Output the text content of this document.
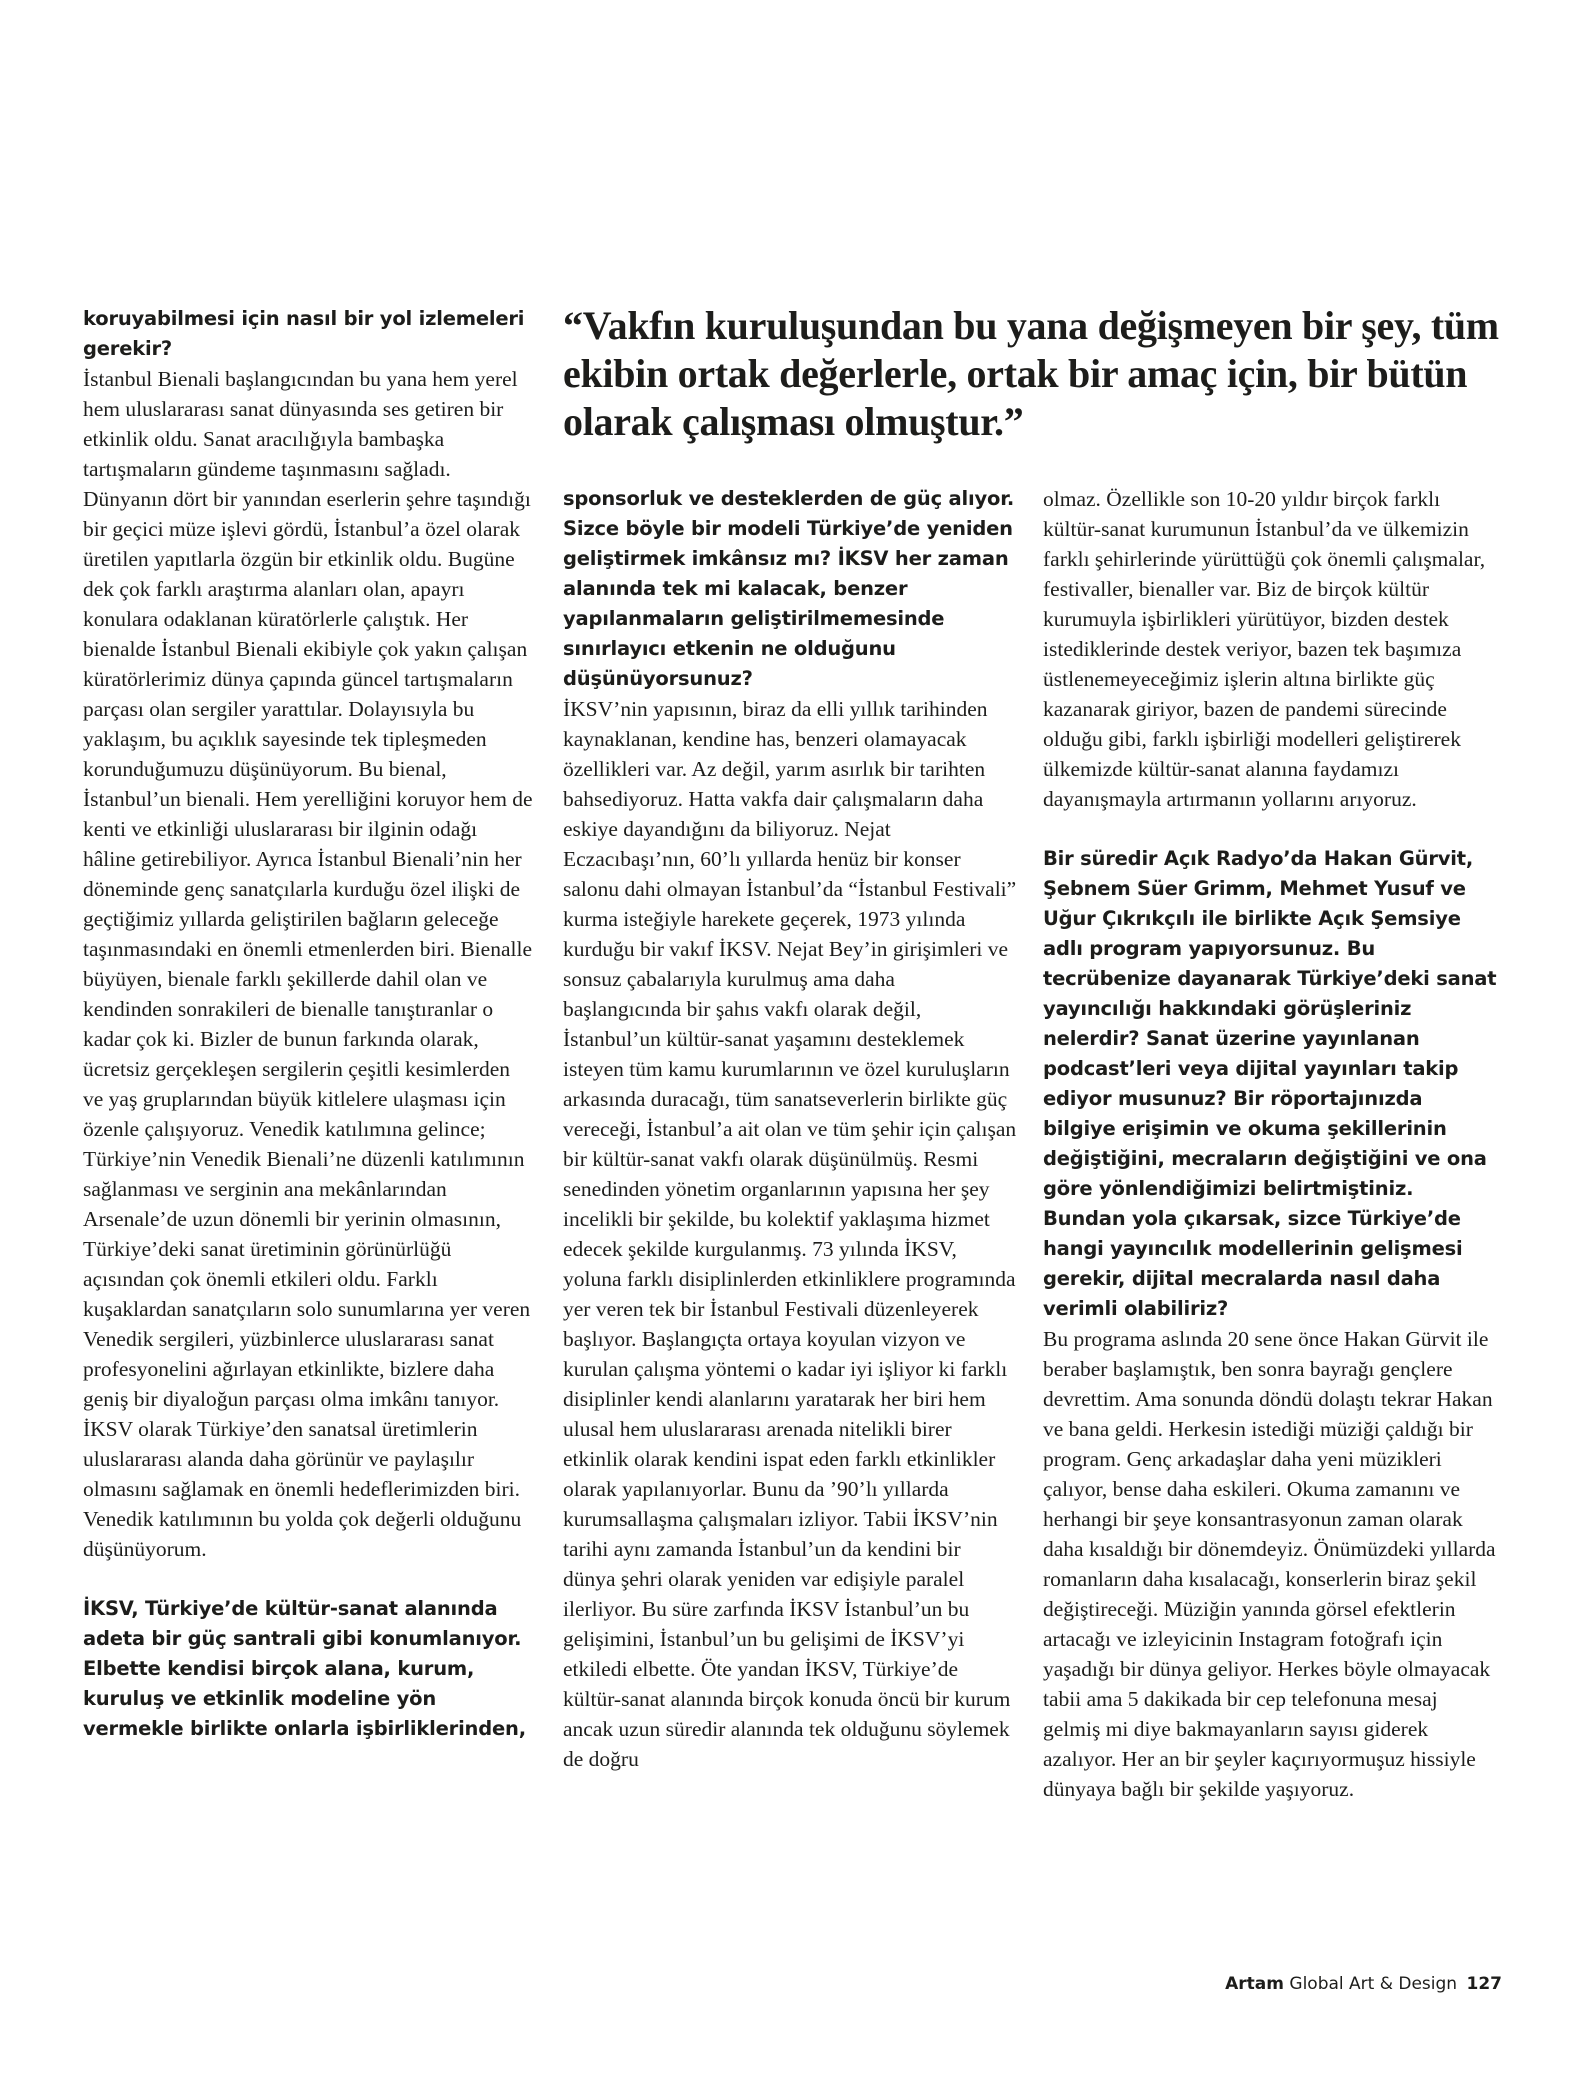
“Vakfın kuruluşundan bu yana değişmeyen bir şey, tüm ekibin ortak değerlerle, ortak bir amaç için, bir bütün olarak çalışması olmuştur.”

koruyabilmesi için nasıl bir yol izlemeleri gerekir?

İstanbul Bienali başlangıcından bu yana hem yerel hem uluslararası sanat dünyasında ses getiren bir etkinlik oldu. Sanat aracılığıyla bambaşka tartışmaların gündeme taşınmasını sağladı. Dünyanın dört bir yanından eserlerin şehre taşındığı bir geçici müze işlevi gördü, İstanbul’a özel olarak üretilen yapıtlarla özgün bir etkinlik oldu. Bugüne dek çok farklı araştırma alanları olan, apayrı konulara odaklanan küratörlerle çalıştık. Her bienalde İstanbul Bienali ekibiyle çok yakın çalışan küratörlerimiz dünya çapında güncel tartışmaların parçası olan sergiler yarattılar. Dolayısıyla bu yaklaşım, bu açıklık sayesinde tek tipleşmeden korunduğumuzu düşünüyorum. Bu bienal, İstanbul’un bienali. Hem yerelliğini koruyor hem de kenti ve etkinliği uluslararası bir ilginin odağı hâline getirebiliyor. Ayrıca İstanbul Bienali’nin her döneminde genç sanatçılarla kurduğu özel ilişki de geçtiğimiz yıllarda geliştirilen bağların geleceğe taşınmasındaki en önemli etmenlerden biri. Bienalle büyüyen, bienale farklı şekillerde dahil olan ve kendinden sonrakileri de bienalle tanıştıranlar o kadar çok ki. Bizler de bunun farkında olarak, ücretsiz gerçekleşen sergilerin çeşitli kesimlerden ve yaş gruplarından büyük kitlelere ulaşması için özenle çalışıyoruz. Venedik katılımına gelince; Türkiye’nin Venedik Bienali’ne düzenli katılımının sağlanması ve serginin ana mekânlarından Arsenale’de uzun dönemli bir yerinin olmasının, Türkiye’deki sanat üretiminin görünürlüğü açısından çok önemli etkileri oldu. Farklı kuşaklardan sanatçıların solo sunumlarına yer veren Venedik sergileri, yüzbinlerce uluslararası sanat profesyonelini ağırlayan etkinlikte, bizlere daha geniş bir diyaloğun parçası olma imkânı tanıyor. İKSV olarak Türkiye’den sanatsal üretimlerin uluslararası alanda daha görünür ve paylaşılır olmasını sağlamak en önemli hedeflerimizden biri. Venedik katılımının bu yolda çok değerli olduğunu düşünüyorum.

İKSV, Türkiye’de kültür-sanat alanında adeta bir güç santrali gibi konumlanıyor. Elbette kendisi birçok alana, kurum, kuruluş ve etkinlik modeline yön vermekle birlikte onlarla işbirliklerinden,

sponsorluk ve desteklerden de güç alıyor. Sizce böyle bir modeli Türkiye’de yeniden geliştirmek imkânsız mı? İKSV her zaman alanında tek mi kalacak, benzer yapılanmaların geliştirilmemesinde sınırlayıcı etkenin ne olduğunu düşünüyorsunuz?

İKSV’nin yapısının, biraz da elli yıllık tarihinden kaynaklanan, kendine has, benzeri olamayacak özellikleri var. Az değil, yarım asırlık bir tarihten bahsediyoruz. Hatta vakfa dair çalışmaların daha eskiye dayandığını da biliyoruz. Nejat Eczacıbaşı’nın, 60’lı yıllarda henüz bir konser salonu dahi olmayan İstanbul’da “İstanbul Festivali” kurma isteğiyle harekete geçerek, 1973 yılında kurduğu bir vakıf İKSV. Nejat Bey’in girişimleri ve sonsuz çabalarıyla kurulmuş ama daha başlangıcında bir şahıs vakfı olarak değil, İstanbul’un kültür-sanat yaşamını desteklemek isteyen tüm kamu kurumlarının ve özel kuruluşların arkasında duracağı, tüm sanatseverlerin birlikte güç vereceği, İstanbul’a ait olan ve tüm şehir için çalışan bir kültür-sanat vakfı olarak düşünülmüş. Resmi senedinden yönetim organlarının yapısına her şey incelikli bir şekilde, bu kolektif yaklaşıma hizmet edecek şekilde kurgulanmış. 73 yılında İKSV, yoluna farklı disiplinlerden etkinliklere programında yer veren tek bir İstanbul Festivali düzenleyerek başlıyor. Başlangıçta ortaya koyulan vizyon ve kurulan çalışma yöntemi o kadar iyi işliyor ki farklı disiplinler kendi alanlarını yaratarak her biri hem ulusal hem uluslararası arenada nitelikli birer etkinlik olarak kendini ispat eden farklı etkinlikler olarak yapılanıyorlar. Bunu da ’90’lı yıllarda kurumsallaşma çalışmaları izliyor. Tabii İKSV’nin tarihi aynı zamanda İstanbul’un da kendini bir dünya şehri olarak yeniden var edişiyle paralel ilerliyor. Bu süre zarfında İKSV İstanbul’un bu gelişimini, İstanbul’un bu gelişimi de İKSV’yi etkiledi elbette. Öte yandan İKSV, Türkiye’de kültür-sanat alanında birçok konuda öncü bir kurum ancak uzun süredir alanında tek olduğunu söylemek de doğru

olmaz. Özellikle son 10-20 yıldır birçok farklı kültür-sanat kurumunun İstanbul’da ve ülkemizin farklı şehirlerinde yürüttüğü çok önemli çalışmalar, festivaller, bienaller var. Biz de birçok kültür kurumuyla işbirlikleri yürütüyor, bizden destek istediklerinde destek veriyor, bazen tek başımıza üstlenemeyeceğimiz işlerin altına birlikte güç kazanarak giriyor, bazen de pandemi sürecinde olduğu gibi, farklı işbirliği modelleri geliştirerek ülkemizde kültür-sanat alanına faydamızı dayanışmayla artırmanın yollarını arıyoruz.

Bir süredir Açık Radyo’da Hakan Gürvit, Şebnem Süer Grimm, Mehmet Yusuf ve Uğur Çıkrıkçılı ile birlikte Açık Şemsiye adlı program yapıyorsunuz. Bu tecrübenize dayanarak Türkiye’deki sanat yayıncılığı hakkındaki görüşleriniz nelerdir? Sanat üzerine yayınlanan podcast’leri veya dijital yayınları takip ediyor musunuz? Bir röportajınızda bilgiye erişimin ve okuma şekillerinin değiştiğini, mecraların değiştiğini ve ona göre yönlendiğimizi belirtmiştiniz. Bundan yola çıkarsak, sizce Türkiye’de hangi yayıncılık modellerinin gelişmesi gerekir, dijital mecralarda nasıl daha verimli olabiliriz?

Bu programa aslında 20 sene önce Hakan Gürvit ile beraber başlamıştık, ben sonra bayrağı gençlere devrettim. Ama sonunda döndü dolaştı tekrar Hakan ve bana geldi. Herkesin istediği müziği çaldığı bir program. Genç arkadaşlar daha yeni müzikleri çalıyor, bense daha eskileri. Okuma zamanını ve herhangi bir şeye konsantrasyonun zaman olarak daha kısaldığı bir dönemdeyiz. Önümüzdeki yıllarda romanların daha kısalacağı, konserlerin biraz şekil değiştireceği. Müziğin yanında görsel efektlerin artacağı ve izleyicinin Instagram fotoğrafı için yaşadığı bir dünya geliyor. Herkes böyle olmayacak tabii ama 5 dakikada bir cep telefonuna mesaj gelmiş mi diye bakmayanların sayısı giderek azalıyor. Her an bir şeyler kaçırıyormuşuz hissiyle dünyaya bağlı bir şekilde yaşıyoruz.

Artam Global Art & Design 127
